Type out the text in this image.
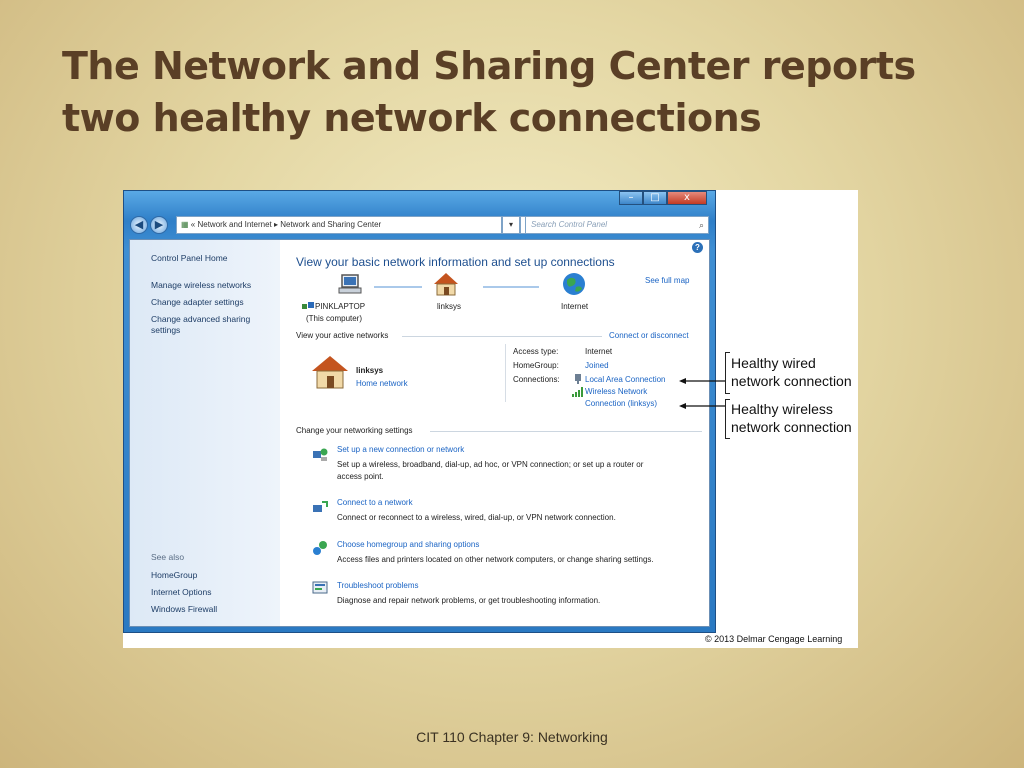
The Network and Sharing Center reports two healthy network connections
–	□	x
◀	▶	▦ « Network and Internet ▸ Network and Sharing Center	▾	Search Control Panel	⌕
Control Panel Home
Manage wireless networks
Change adapter settings
Change advanced sharing
settings
See also
HomeGroup
Internet Options
Windows Firewall
?
View your basic network information and set up connections
See full map
PINKLAPTOP
(This computer)
linksys	Internet
View your active networks	Connect or disconnect
linksys
Home network
Access type:	Internet
HomeGroup:	Joined
Connections:	Local Area Connection
Wireless Network
Connection (linksys)
Change your networking settings
Set up a new connection or network
Set up a wireless, broadband, dial-up, ad hoc, or VPN connection; or set up a router or
access point.
Connect to a network
Connect or reconnect to a wireless, wired, dial-up, or VPN network connection.
Choose homegroup and sharing options
Access files and printers located on other network computers, or change sharing settings.
Troubleshoot problems
Diagnose and repair network problems, or get troubleshooting information.
Healthy wired
network connection
Healthy wireless
network connection
© 2013 Delmar Cengage Learning
CIT 110 Chapter 9: Networking
